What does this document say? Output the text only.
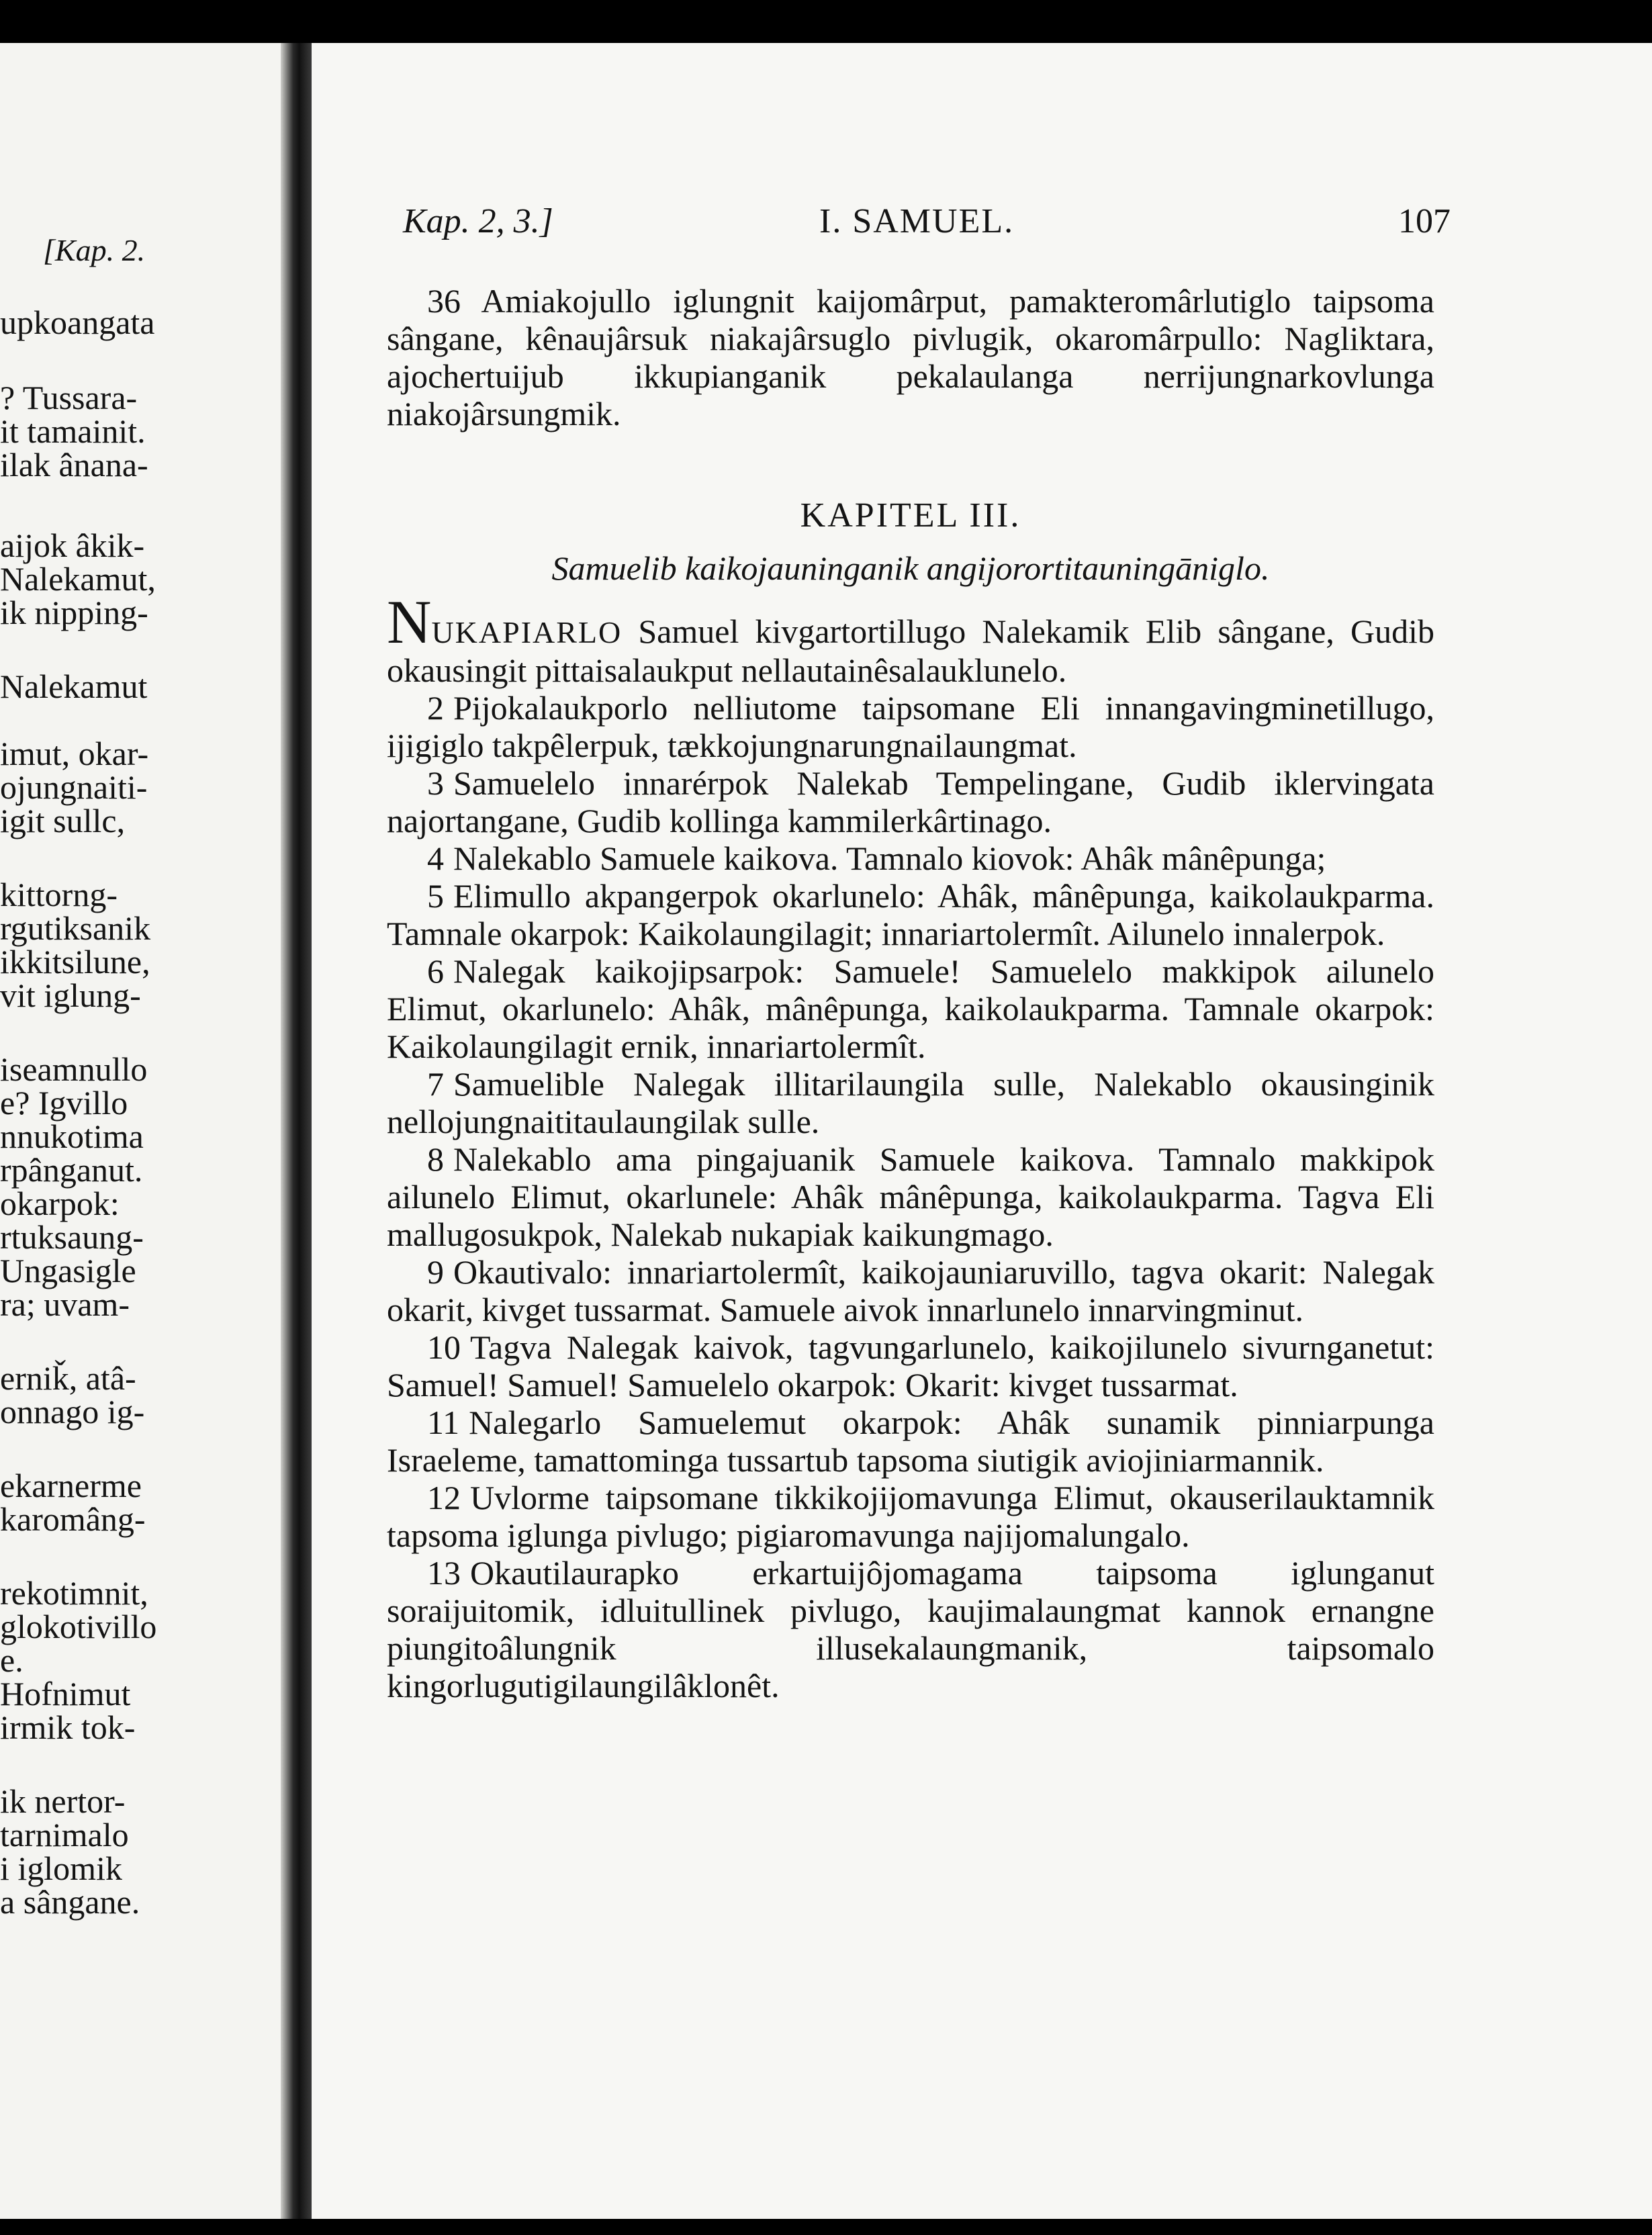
[Kap. 2.
upkoangata
? Tussara-
it tamainit.
ilak ânana-
aijok âkik-
Nalekamut,
ik nipping-
Nalekamut
imut, okar-
ojungnaiti-
igit sullc,
kittorng-
rgutiksanik
ikkitsilune,
vit iglung-
iseamnullo
e? Igvillo
nnukotima
rpânganut.
okarpok:
rtuksaung-
Ungasigle
ra; uvam-
erniǩ, atâ-
onnago ig-
ekarnerme
karomâng-
rekotimnit,
glokotivillo
e.
Hofnimut
irmik tok-
ik nertor-
tarnimalo
i iglomik
a sângane.
Kap. 2, 3.]	I. SAMUEL.	107

36 Amiakojullo iglungnit kaijomârput, pamakteromârlutiglo taipsoma sângane, kênaujârsuk niakajârsuglo pivlugik, okaromârpullo: Nagliktara, ajochertuijub ikkupianganik pekalaulanga nerrijungnarkovlunga niakojârsungmik.

KAPITEL III.
Samuelib kaikojauninganik angijorortitauningāniglo.

NUKAPIARLO Samuel kivgartortillugo Nalekamik Elib sângane, Gudib okausingit pittaisalaukput nellautainêsalauklunelo.

2 Pijokalaukporlo nelliutome taipsomane Eli innangavingminetillugo, ijigiglo takpêlerpuk, tækkojungnarungnailaungmat.

3 Samuelelo innarérpok Nalekab Tempelingane, Gudib iklervingata najortangane, Gudib kollinga kammilerkârtinago.

4 Nalekablo Samuele kaikova. Tamnalo kiovok: Ahâk mânêpunga;

5 Elimullo akpangerpok okarlunelo: Ahâk, mânêpunga, kaikolaukparma. Tamnale okarpok: Kaikolaungilagit; innariartolermît. Ailunelo innalerpok.

6 Nalegak kaikojipsarpok: Samuele! Samuelelo makkipok ailunelo Elimut, okarlunelo: Ahâk, mânêpunga, kaikolaukparma. Tamnale okarpok: Kaikolaungilagit ernik, innariartolermît.

7 Samuelible Nalegak illitarilaungila sulle, Nalekablo okausinginik nellojungnaititaulaungilak sulle.

8 Nalekablo ama pingajuanik Samuele kaikova. Tamnalo makkipok ailunelo Elimut, okarlunele: Ahâk mânêpunga, kaikolaukparma. Tagva Eli mallugosukpok, Nalekab nukapiak kaikungmago.

9 Okautivalo: innariartolermît, kaikojauniaruvillo, tagva okarit: Nalegak okarit, kivget tussarmat. Samuele aivok innarlunelo innarvingminut.

10 Tagva Nalegak kaivok, tagvungarlunelo, kaikojilunelo sivurnganetut: Samuel! Samuel! Samuelelo okarpok: Okarit: kivget tussarmat.

11 Nalegarlo Samuelemut okarpok: Ahâk sunamik pinniarpunga Israeleme, tamattominga tussartub tapsoma siutigik aviojiniarmannik.

12 Uvlorme taipsomane tikkikojijomavunga Elimut, okauserilauktamnik tapsoma iglunga pivlugo; pigiaromavunga najijomalungalo.

13 Okautilaurapko erkartuijôjomagama taipsoma iglunganut soraijuitomik, idluitullinek pivlugo, kaujimalaungmat kannok ernangne piungitoâlungnik illusekalaungmanik, taipsomalo kingorlugutigilaungilâklonêt.
